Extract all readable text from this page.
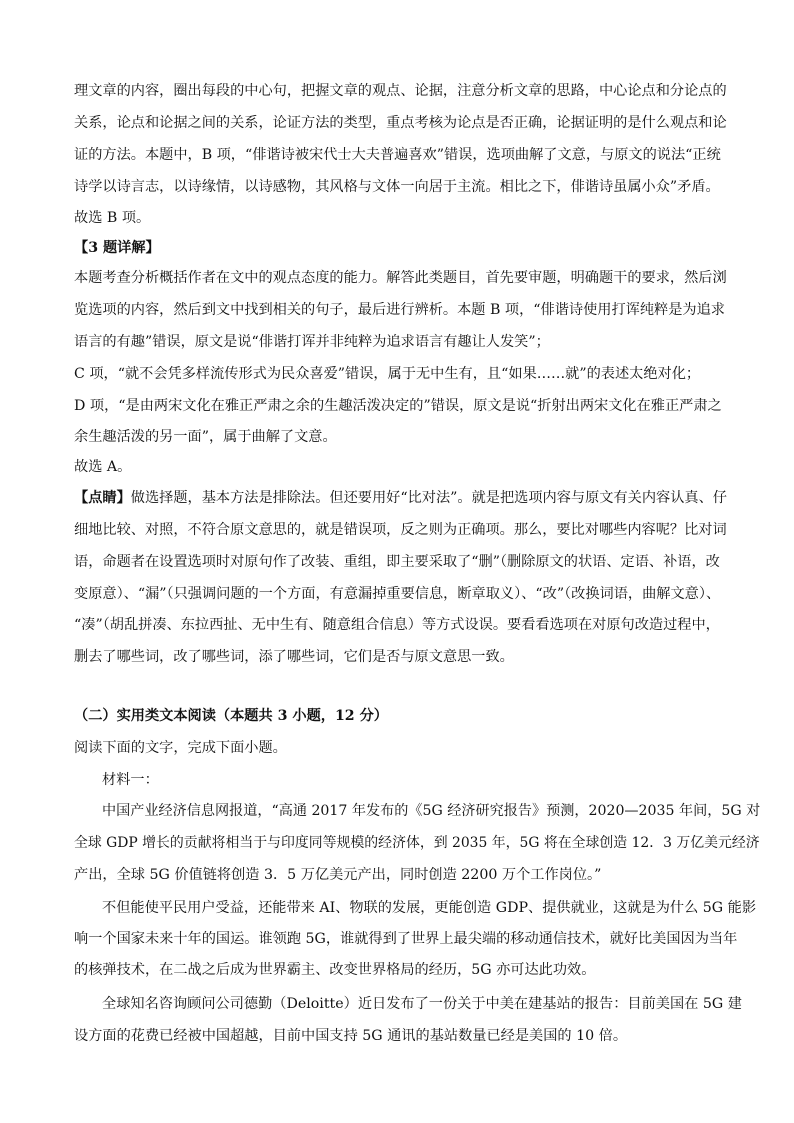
理文章的内容，圈出每段的中心句，把握文章的观点、论据，注意分析文章的思路，中心论点和分论点的
关系，论点和论据之间的关系，论证方法的类型，重点考核为论点是否正确，论据证明的是什么观点和论
证的方法。本题中，B 项，“俳谐诗被宋代士大夫普遍喜欢”错误，选项曲解了文意，与原文的说法“正统
诗学以诗言志，以诗缘情，以诗感物，其风格与文体一向居于主流。相比之下，俳谐诗虽属小众”矛盾。
故选 B 项。
【3 题详解】
本题考查分析概括作者在文中的观点态度的能力。解答此类题目，首先要审题，明确题干的要求，然后浏
览选项的内容，然后到文中找到相关的句子，最后进行辨析。本题 B 项，“俳谐诗使用打诨纯粹是为追求
语言的有趣”错误，原文是说“俳谐打诨并非纯粹为追求语言有趣让人发笑”；
C 项，“就不会凭多样流传形式为民众喜爱”错误，属于无中生有，且“如果……就”的表述太绝对化；
D 项，“是由两宋文化在雅正严肃之余的生趣活泼决定的”错误，原文是说“折射出两宋文化在雅正严肃之
余生趣活泼的另一面”，属于曲解了文意。
故选 A。
【点睛】做选择题，基本方法是排除法。但还要用好“比对法”。就是把选项内容与原文有关内容认真、仔
细地比较、对照，不符合原文意思的，就是错误项，反之则为正确项。那么，要比对哪些内容呢？比对词
语，命题者在设置选项时对原句作了改装、重组，即主要采取了“删”（删除原文的状语、定语、补语，改
变原意）、“漏”（只强调问题的一个方面，有意漏掉重要信息，断章取义）、“改”（改换词语，曲解文意）、
“凑”（胡乱拼凑、东拉西扯、无中生有、随意组合信息）等方式设误。要看看选项在对原句改造过程中，
删去了哪些词，改了哪些词，添了哪些词，它们是否与原文意思一致。
（二）实用类文本阅读（本题共 3 小题，12 分）
阅读下面的文字，完成下面小题。
材料一：
中国产业经济信息网报道，“高通 2017 年发布的《5G 经济研究报告》预测，2020—2035 年间，5G 对
全球 GDP 增长的贡献将相当于与印度同等规模的经济体，到 2035 年，5G 将在全球创造 12．3 万亿美元经济
产出，全球 5G 价值链将创造 3．5 万亿美元产出，同时创造 2200 万个工作岗位。”
不但能使平民用户受益，还能带来 AI、物联的发展，更能创造 GDP、提供就业，这就是为什么 5G 能影
响一个国家未来十年的国运。谁领跑 5G，谁就得到了世界上最尖端的移动通信技术，就好比美国因为当年
的核弹技术，在二战之后成为世界霸主、改变世界格局的经历，5G 亦可达此功效。
全球知名咨询顾问公司德勤（Deloitte）近日发布了一份关于中美在建基站的报告：目前美国在 5G 建
设方面的花费已经被中国超越，目前中国支持 5G 通讯的基站数量已经是美国的 10 倍。
